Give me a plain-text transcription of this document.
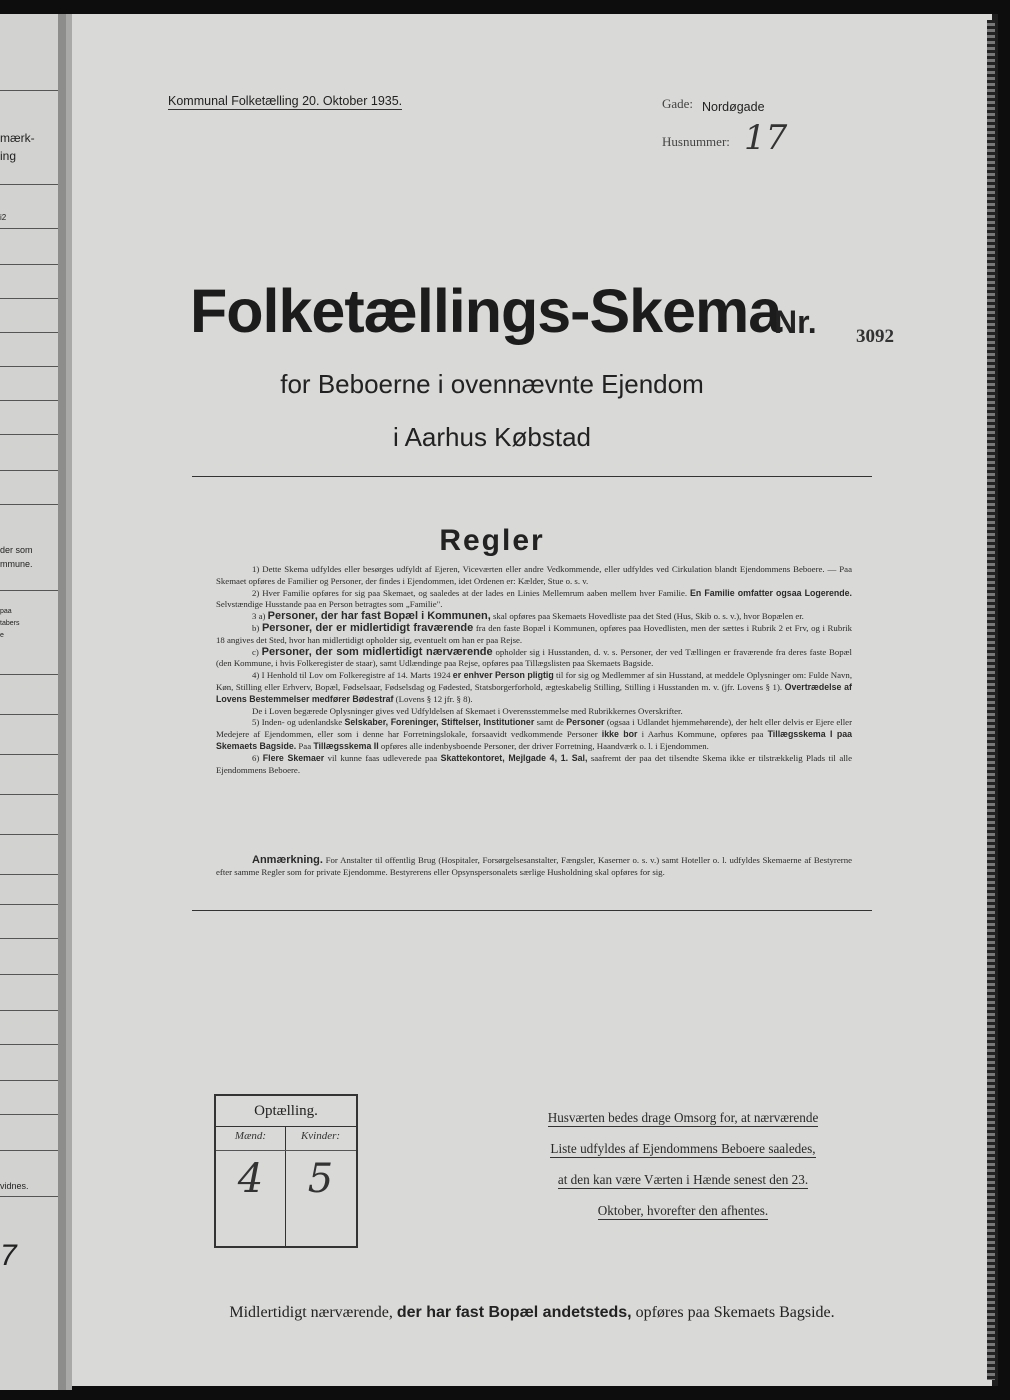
mærk-
ing
i2
der som
mmune.
paa
tabers
e
vidnes.
7
Kommunal Folketælling 20. Oktober 1935.	Gade: Nordøgade
Husnummer: 17
Folketællings-Skema
Nr. 3092
for Beboerne i ovennævnte Ejendom
i Aarhus Købstad
Regler

1) Dette Skema udfyldes eller besørges udfyldt af Ejeren, Viceværten eller andre Vedkommende, eller udfyldes ved Cirkulation blandt Ejendommens Beboere. — Paa Skemaet opføres de Familier og Personer, der findes i Ejendommen, idet Ordenen er: Kælder, Stue o. s. v.

2) Hver Familie opføres for sig paa Skemaet, og saaledes at der lades en Linies Mellemrum aaben mellem hver Familie. En Familie omfatter ogsaa Logerende. Selvstændige Husstande paa en Person betragtes som „Familie".

3 a) Personer, der har fast Bopæl i Kommunen, skal opføres paa Skemaets Hovedliste paa det Sted (Hus, Skib o. s. v.), hvor Bopælen er.

b) Personer, der er midlertidigt fraværende fra den faste Bopæl i Kommunen, opføres paa Hovedlisten, men der sættes i Rubrik 2 et Frv, og i Rubrik 18 angives det Sted, hvor han midlertidigt opholder sig, eventuelt om han er paa Rejse.

c) Personer, der som midlertidigt nærværende opholder sig i Husstanden, d. v. s. Personer, der ved Tællingen er fraværende fra deres faste Bopæl (den Kommune, i hvis Folkeregister de staar), samt Udlændinge paa Rejse, opføres paa Tillægslisten paa Skemaets Bagside.

4) I Henhold til Lov om Folkeregistre af 14. Marts 1924 er enhver Person pligtig til for sig og Medlemmer af sin Husstand, at meddele Oplysninger om: Fulde Navn, Køn, Stilling eller Erhverv, Bopæl, Fødselsaar, Fødselsdag og Fødested, Statsborgerforhold, ægteskabelig Stilling, Stilling i Husstanden m. v. (jfr. Lovens § 1). Overtrædelse af Lovens Bestemmelser medfører Bødestraf (Lovens § 12 jfr. § 8).

De i Loven begærede Oplysninger gives ved Udfyldelsen af Skemaet i Overensstemmelse med Rubrikkernes Overskrifter.

5) Inden- og udenlandske Selskaber, Foreninger, Stiftelser, Institutioner samt de Personer (ogsaa i Udlandet hjemmehørende), der helt eller delvis er Ejere eller Medejere af Ejendommen, eller som i denne har Forretningslokale, forsaavidt vedkommende Personer ikke bor i Aarhus Kommune, opføres paa Tillægsskema I paa Skemaets Bagside. Paa Tillægsskema II opføres alle indenbysboende Personer, der driver Forretning, Haandværk o. l. i Ejendommen.

6) Flere Skemaer vil kunne faas udleverede paa Skattekontoret, Mejlgade 4, 1. Sal, saafremt der paa det tilsendte Skema ikke er tilstrækkelig Plads til alle Ejendommens Beboere.

Anmærkning. For Anstalter til offentlig Brug (Hospitaler, Forsørgelsesanstalter, Fængsler, Kaserner o. s. v.) samt Hoteller o. l. udfyldes Skemaerne af Bestyrerne efter samme Regler som for private Ejendomme. Bestyrerens eller Opsynspersonalets særlige Husholdning skal opføres for sig.
Optælling.
Mænd:	Kvinder:
4	5
Husværten bedes drage Omsorg for, at nærværende
Liste udfyldes af Ejendommens Beboere saaledes,
at den kan være Værten i Hænde senest den 23.
Oktober, hvorefter den afhentes.
Midlertidigt nærværende, der har fast Bopæl andetsteds, opføres paa Skemaets Bagside.
